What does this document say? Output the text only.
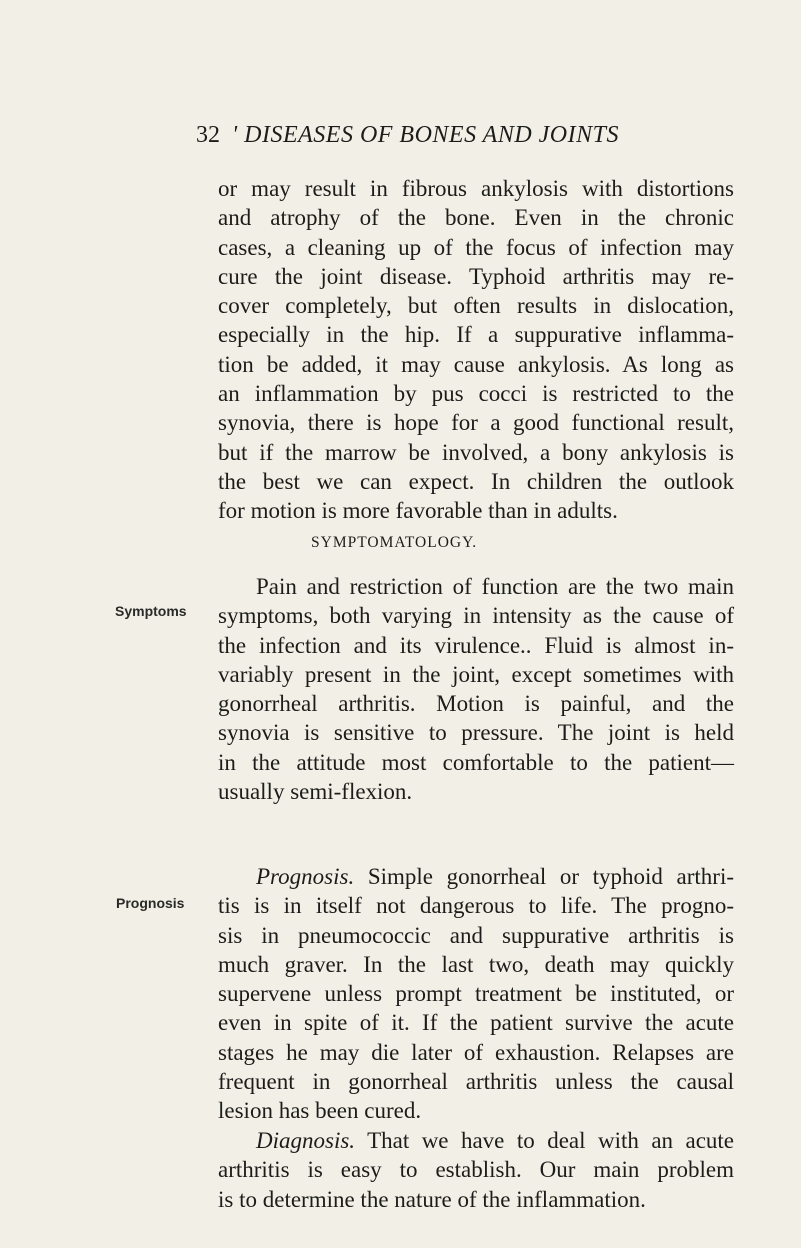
32 ' DISEASES OF BONES AND JOINTS
or may result in fibrous ankylosis with distortions
and atrophy of the bone. Even in the chronic
cases, a cleaning up of the focus of infection may
cure the joint disease. Typhoid arthritis may re-
cover completely, but often results in dislocation,
especially in the hip. If a suppurative inflamma-
tion be added, it may cause ankylosis. As long as
an inflammation by pus cocci is restricted to the
synovia, there is hope for a good functional result,
but if the marrow be involved, a bony ankylosis is
the best we can expect. In children the outlook
for motion is more favorable than in adults.
SYMPTOMATOLOGY.
Symptoms
Prognosis
Pain and restriction of function are the two main
symptoms, both varying in intensity as the cause of
the infection and its virulence.. Fluid is almost in-
variably present in the joint, except sometimes with
gonorrheal arthritis. Motion is painful, and the
synovia is sensitive to pressure. The joint is held
in the attitude most comfortable to the patient—
usually semi-flexion.
Prognosis. Simple gonorrheal or typhoid arthri-
tis is in itself not dangerous to life. The progno-
sis in pneumococcic and suppurative arthritis is
much graver. In the last two, death may quickly
supervene unless prompt treatment be instituted, or
even in spite of it. If the patient survive the acute
stages he may die later of exhaustion. Relapses are
frequent in gonorrheal arthritis unless the causal
lesion has been cured.
Diagnosis. That we have to deal with an acute
arthritis is easy to establish. Our main problem
is to determine the nature of the inflammation.
